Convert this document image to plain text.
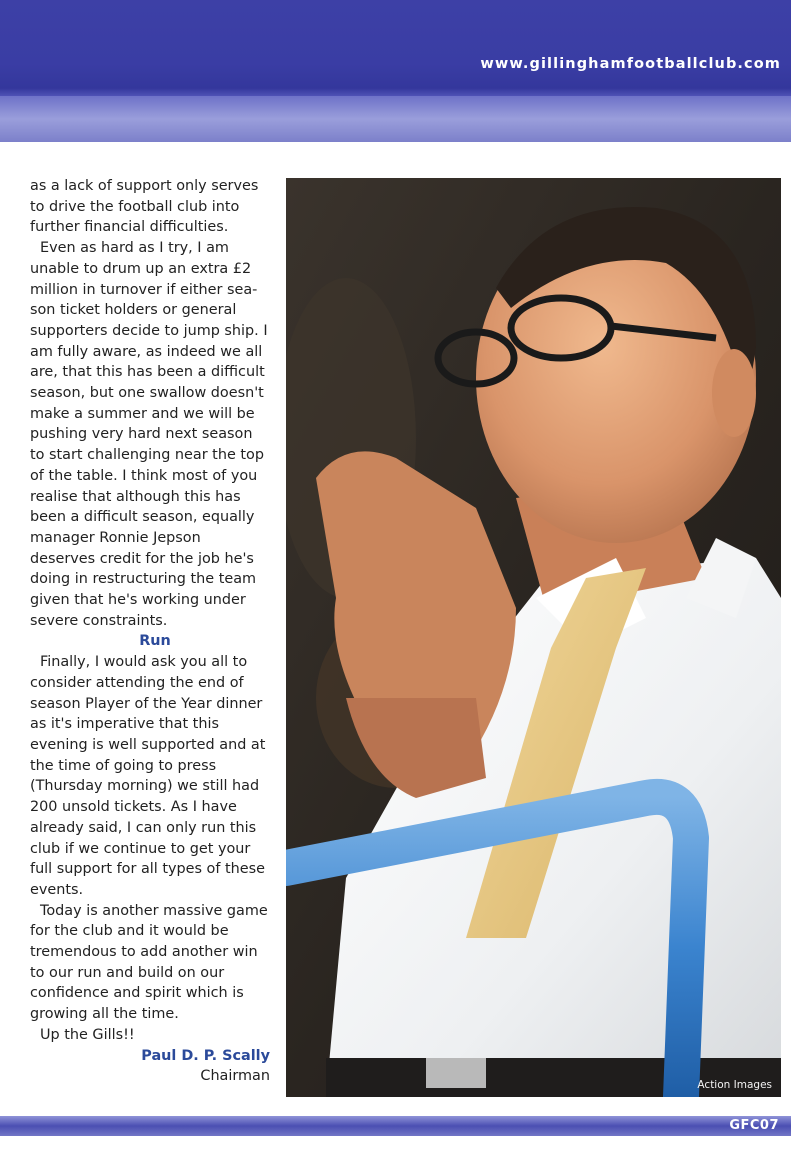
www.gillinghamfootballclub.com

as a lack of support only serves to drive the football club into further financial difficulties.

Even as hard as I try, I am unable to drum up an extra £2 million in turnover if either sea-son ticket holders or general supporters decide to jump ship. I am fully aware, as indeed we all are, that this has been a difficult season, but one swallow doesn't make a summer and we will be pushing very hard next season to start challenging near the top of the table. I think most of you realise that although this has been a difficult season, equally manager Ronnie Jepson deserves credit for the job he's doing in restructuring the team given that he's working under severe constraints.

Run

Finally, I would ask you all to consider attending the end of season Player of the Year dinner as it's imperative that this evening is well supported and at the time of going to press (Thursday morning) we still had 200 unsold tickets. As I have already said, I can only run this club if we continue to get your full support for all types of these events.

Today is another massive game for the club and it would be tremendous to add another win to our run and build on our confidence and spirit which is growing all the time.

Up the Gills!!

Paul D. P. Scally

Chairman

Action Images
GFC07
